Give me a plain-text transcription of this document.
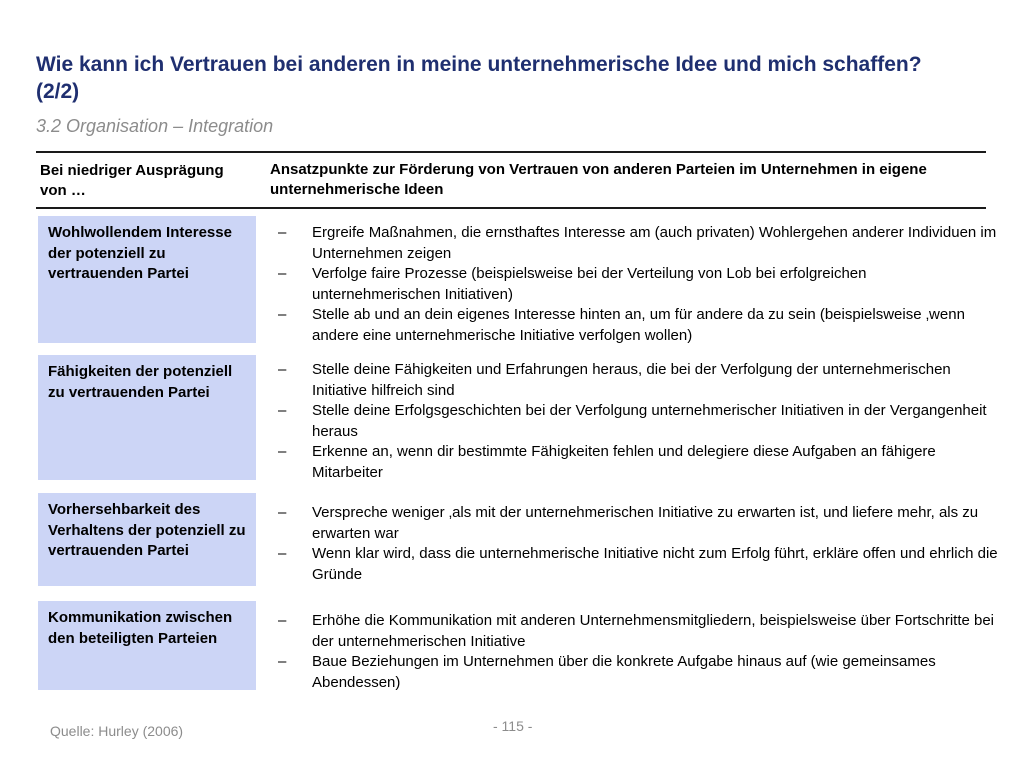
Wie kann ich Vertrauen bei anderen in meine unternehmerische Idee und mich schaffen? (2/2)
3.2 Organisation – Integration
Bei niedriger Ausprägung von …
Ansatzpunkte zur Förderung von Vertrauen von anderen Parteien im Unternehmen in eigene unternehmerische Ideen
Wohlwollendem Interesse der potenziell zu vertrauenden Partei
– Ergreife Maßnahmen, die ernsthaftes Interesse am (auch privaten) Wohlergehen anderer Individuen im Unternehmen zeigen
– Verfolge faire Prozesse (beispielsweise bei der Verteilung von Lob bei erfolgreichen unternehmerischen Initiativen)
– Stelle ab und an dein eigenes Interesse hinten an, um für andere da zu sein (beispielsweise ‚wenn andere eine unternehmerische Initiative verfolgen wollen)
Fähigkeiten der potenziell zu vertrauenden Partei
– Stelle deine Fähigkeiten und Erfahrungen heraus, die bei der Verfolgung der unternehmerischen Initiative hilfreich sind
– Stelle deine Erfolgsgeschichten bei der Verfolgung unternehmerischer Initiativen in der Vergangenheit heraus
– Erkenne an, wenn dir bestimmte Fähigkeiten fehlen und delegiere diese Aufgaben an fähigere Mitarbeiter
Vorhersehbarkeit des Verhaltens der potenziell zu vertrauenden Partei
– Verspreche weniger ‚als mit der unternehmerischen Initiative zu erwarten ist, und liefere mehr, als zu erwarten war
– Wenn klar wird, dass die unternehmerische Initiative nicht zum Erfolg führt, erkläre offen und ehrlich die Gründe
Kommunikation zwischen den beteiligten Parteien
– Erhöhe die Kommunikation mit anderen Unternehmensmitgliedern, beispielsweise über Fortschritte bei der unternehmerischen Initiative
– Baue Beziehungen im Unternehmen über die konkrete Aufgabe hinaus auf (wie gemeinsames Abendessen)
Quelle: Hurley (2006)	- 115 -
